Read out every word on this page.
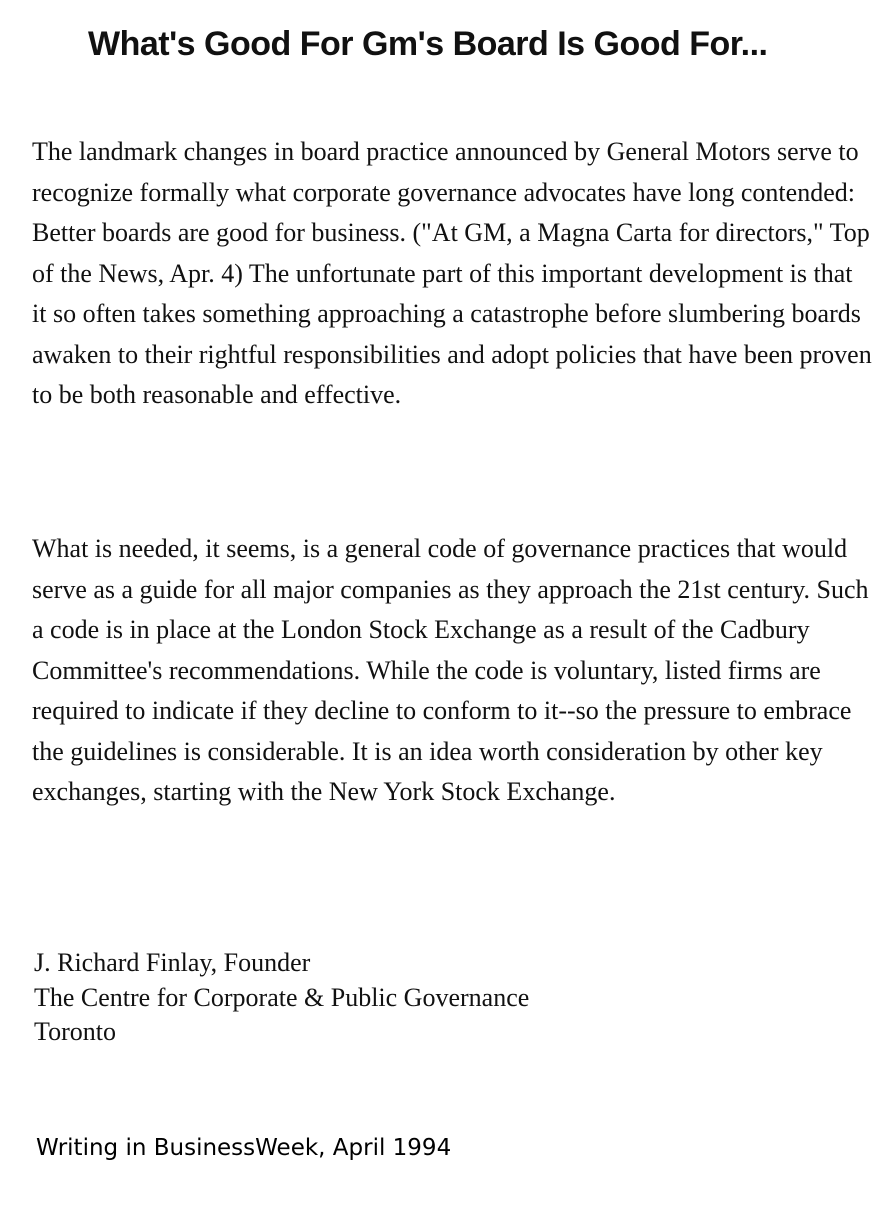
What's Good For Gm's Board Is Good For...

The landmark changes in board practice announced by General Motors serve to recognize formally what corporate governance advocates have long contended: Better boards are good for business. ("At GM, a Magna Carta for directors," Top of the News, Apr. 4) The unfortunate part of this important development is that it so often takes something approaching a catastrophe before slumbering boards awaken to their rightful responsibilities and adopt policies that have been proven to be both reasonable and effective.

What is needed, it seems, is a general code of governance practices that would serve as a guide for all major companies as they approach the 21st century. Such a code is in place at the London Stock Exchange as a result of the Cadbury Committee's recommendations. While the code is voluntary, listed firms are required to indicate if they decline to conform to it--so the pressure to embrace the guidelines is considerable. It is an idea worth consideration by other key exchanges, starting with the New York Stock Exchange.

J. Richard Finlay, Founder
The Centre for Corporate & Public Governance
Toronto
Writing in BusinessWeek, April 1994
